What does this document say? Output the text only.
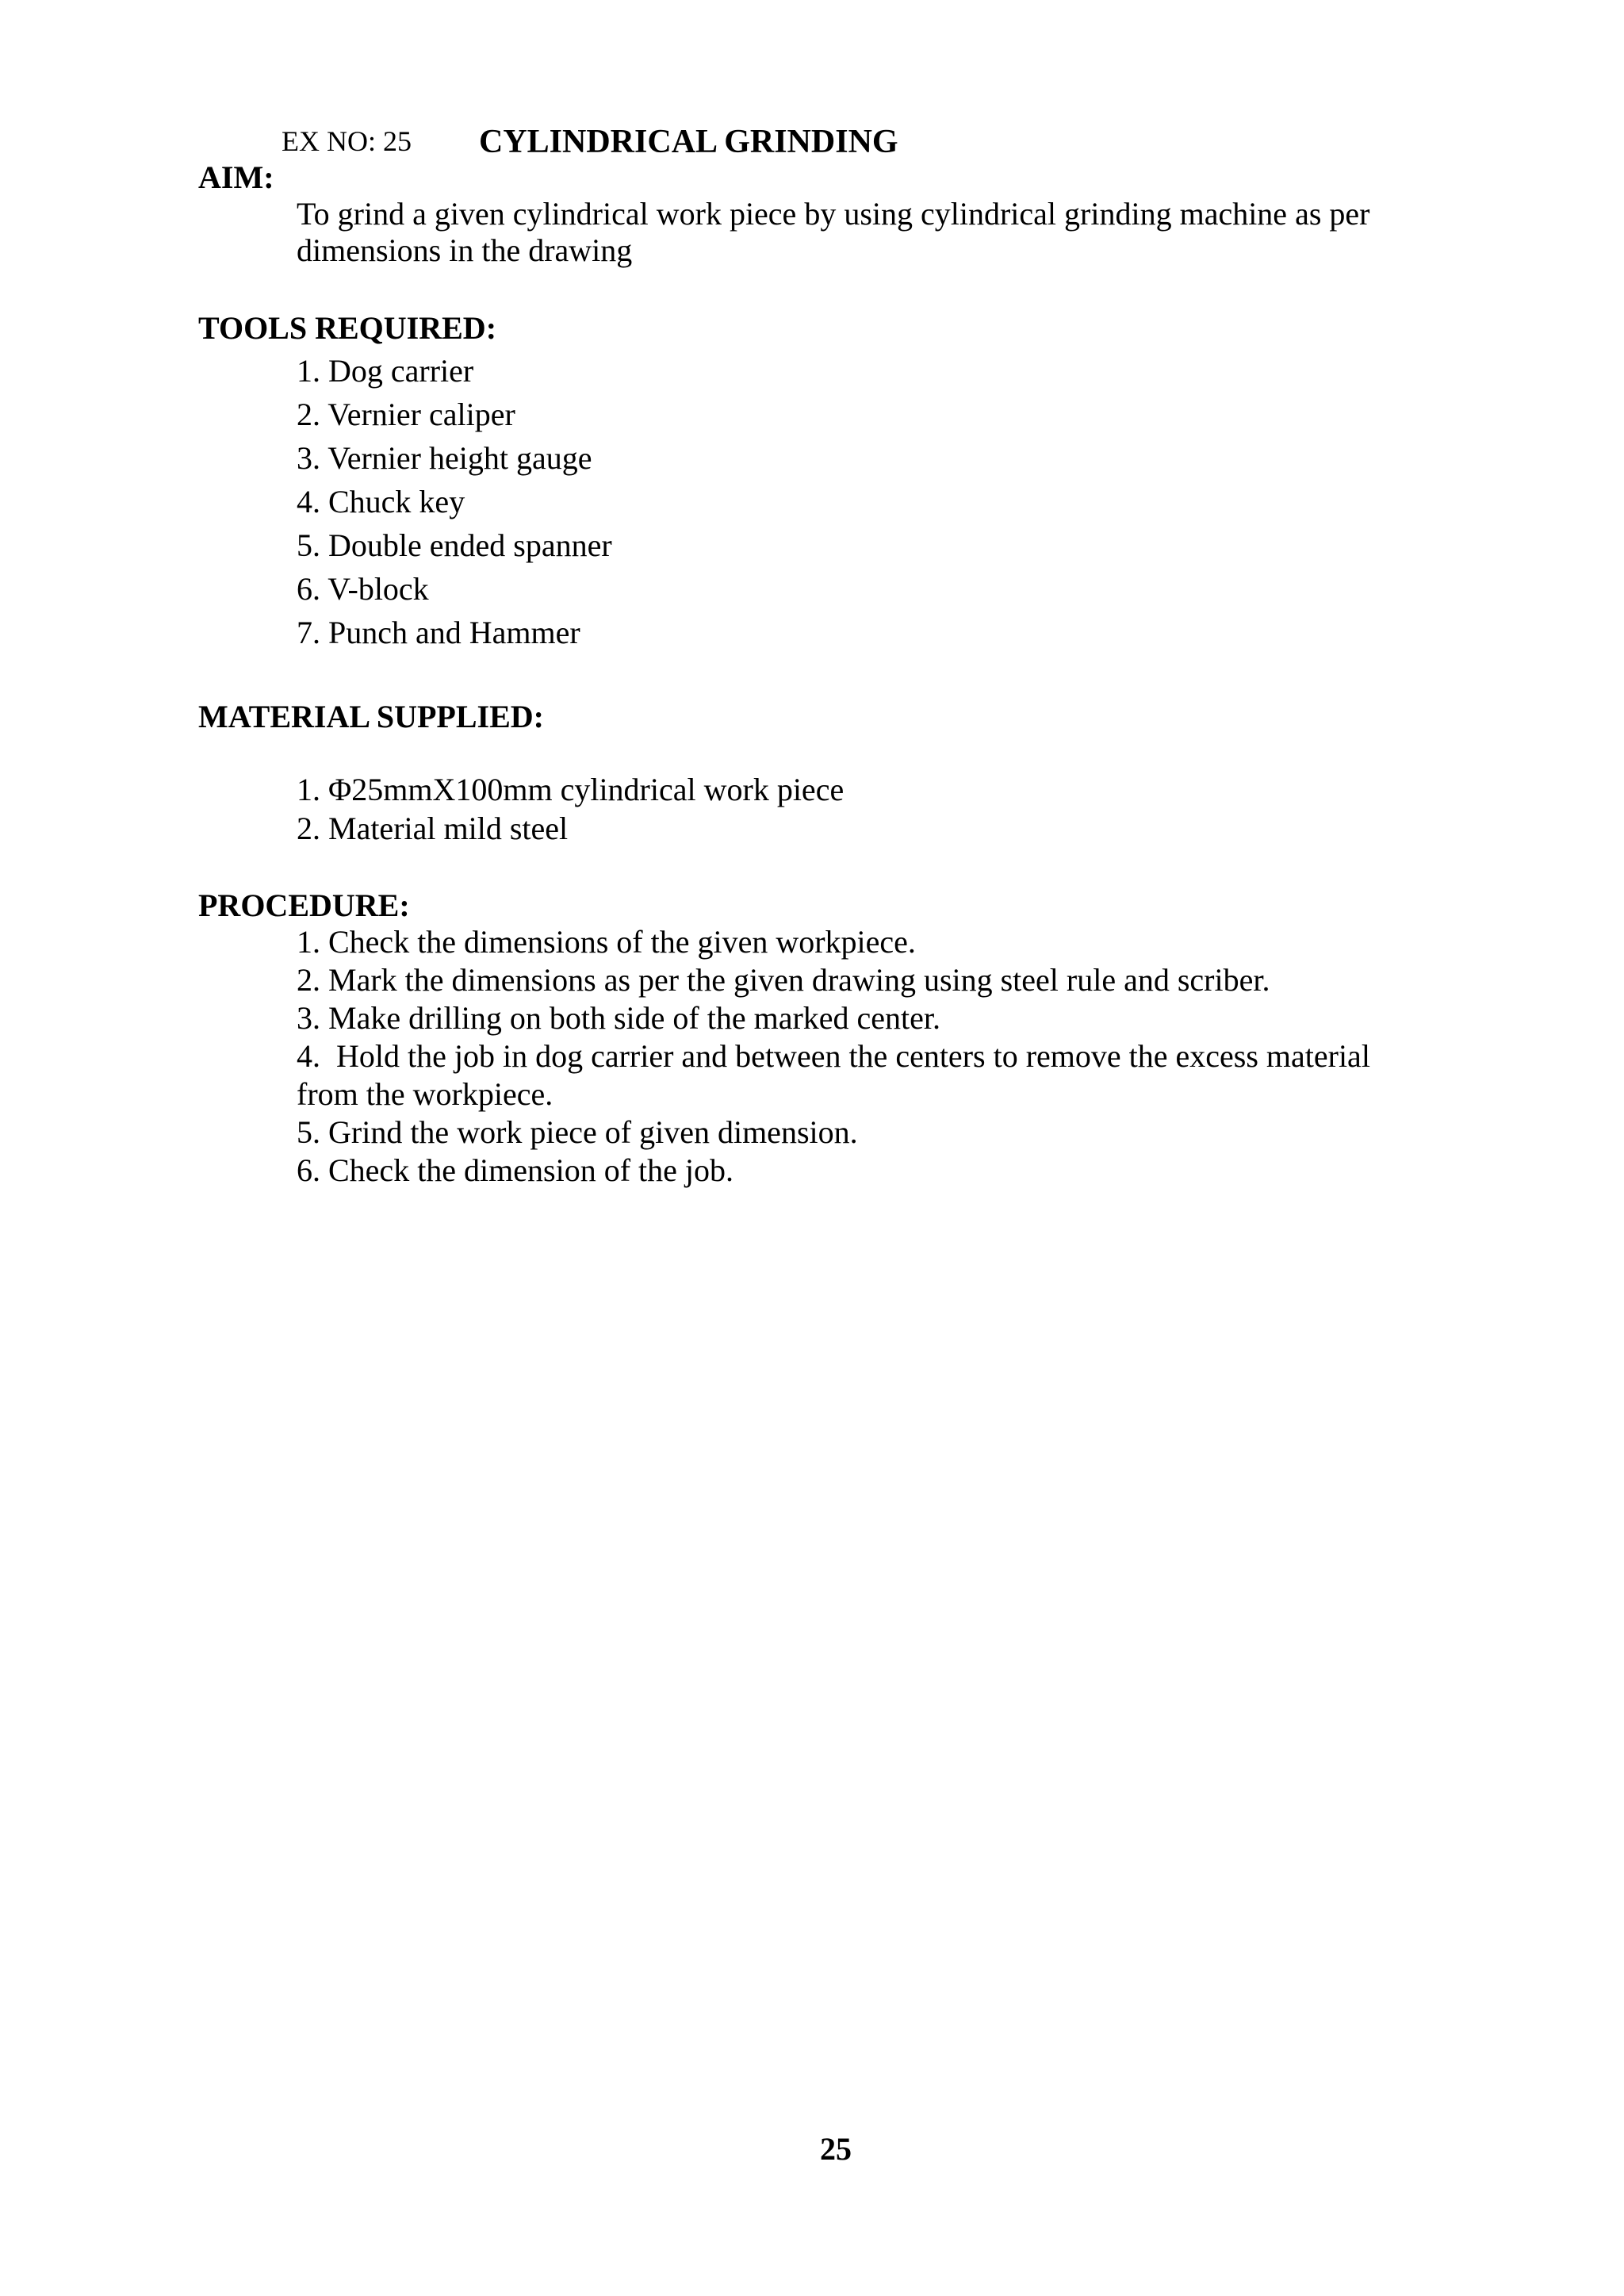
EX NO: 25 CYLINDRICAL GRINDING
AIM:
To grind a given cylindrical work piece by using cylindrical grinding machine as per
dimensions in the drawing
TOOLS REQUIRED:
1. Dog carrier
2. Vernier caliper
3. Vernier height gauge
4. Chuck key
5. Double ended spanner
6. V-block
7. Punch and Hammer
MATERIAL SUPPLIED:
1. Φ25mmX100mm cylindrical work piece
2. Material mild steel
PROCEDURE:
1. Check the dimensions of the given workpiece.
2. Mark the dimensions as per the given drawing using steel rule and scriber.
3. Make drilling on both side of the marked center.
4. Hold the job in dog carrier and between the centers to remove the excess material
from the workpiece.
5. Grind the work piece of given dimension.
6. Check the dimension of the job.
25
